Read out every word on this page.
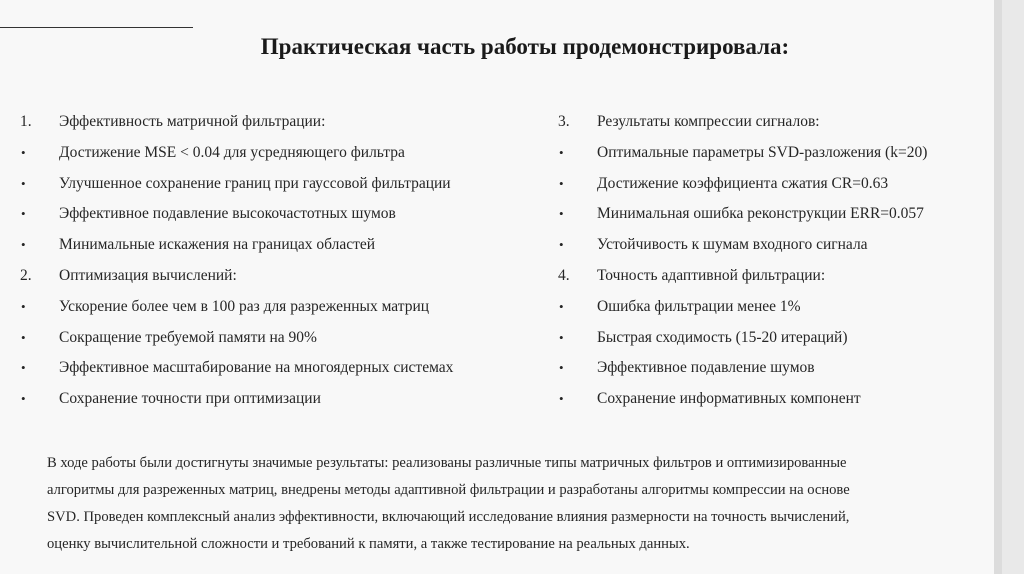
Практическая часть работы продемонстрировала:
1.	Эффективность матричной фильтрации:
•	Достижение MSE < 0.04 для усредняющего фильтра
•	Улучшенное сохранение границ при гауссовой фильтрации
•	Эффективное подавление высокочастотных шумов
•	Минимальные искажения на границах областей
2.	Оптимизация вычислений:
•	Ускорение более чем в 100 раз для разреженных матриц
•	Сокращение требуемой памяти на 90%
•	Эффективное масштабирование на многоядерных системах
•	Сохранение точности при оптимизации
3.	Результаты компрессии сигналов:
•	Оптимальные параметры SVD-разложения (k=20)
•	Достижение коэффициента сжатия CR=0.63
•	Минимальная ошибка реконструкции ERR=0.057
•	Устойчивость к шумам входного сигнала
4.	Точность адаптивной фильтрации:
•	Ошибка фильтрации менее 1%
•	Быстрая сходимость (15-20 итераций)
•	Эффективное подавление шумов
•	Сохранение информативных компонент
В ходе работы были достигнуты значимые результаты: реализованы различные типы матричных фильтров и оптимизированные
алгоритмы для разреженных матриц, внедрены методы адаптивной фильтрации и разработаны алгоритмы компрессии на основе
SVD. Проведен комплексный анализ эффективности, включающий исследование влияния размерности на точность вычислений,
оценку вычислительной сложности и требований к памяти, а также тестирование на реальных данных.
